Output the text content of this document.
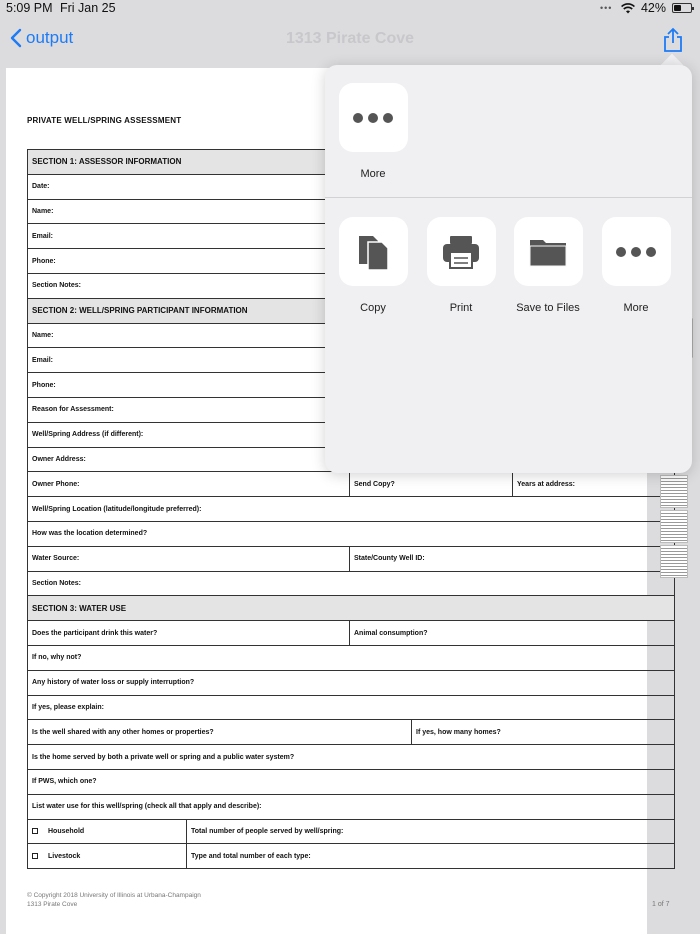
5:09 PM Fri Jan 25	••• 42%
output	1313 Pirate Cove
PRIVATE WELL/SPRING ASSESSMENT
SECTION 1: ASSESSOR INFORMATION				
Date:				
Name:				
Email:				
Phone:				
Section Notes:				
SECTION 2: WELL/SPRING PARTICIPANT INFORMATION				
Name:				
Email:				
Phone:				
Reason for Assessment:				
Well/Spring Address (if different):				
Owner Address:				
Owner Phone:		Send Copy?		Years at address:
Well/Spring Location (latitude/longitude preferred):				
How was the location determined?				
Water Source:		State/County Well ID:		
Section Notes:				
SECTION 3: WATER USE				
Does the participant drink this water?		Animal consumption?		
If no, why not?				
Any history of water loss or supply interruption?				
If yes, please explain:				
Is the well shared with any other homes or properties?			If yes, how many homes?	
Is the home served by both a private well or spring and a public water system?				
If PWS, which one?				
List water use for this well/spring (check all that apply and describe):				
Household	Total number of people served by well/spring:			
Livestock	Type and total number of each type:			
© Copyright 2018 University of Illinois at Urbana-Champaign
1313 Pirate Cove	1 of 7
More
Copy	Print	Save to Files	More
